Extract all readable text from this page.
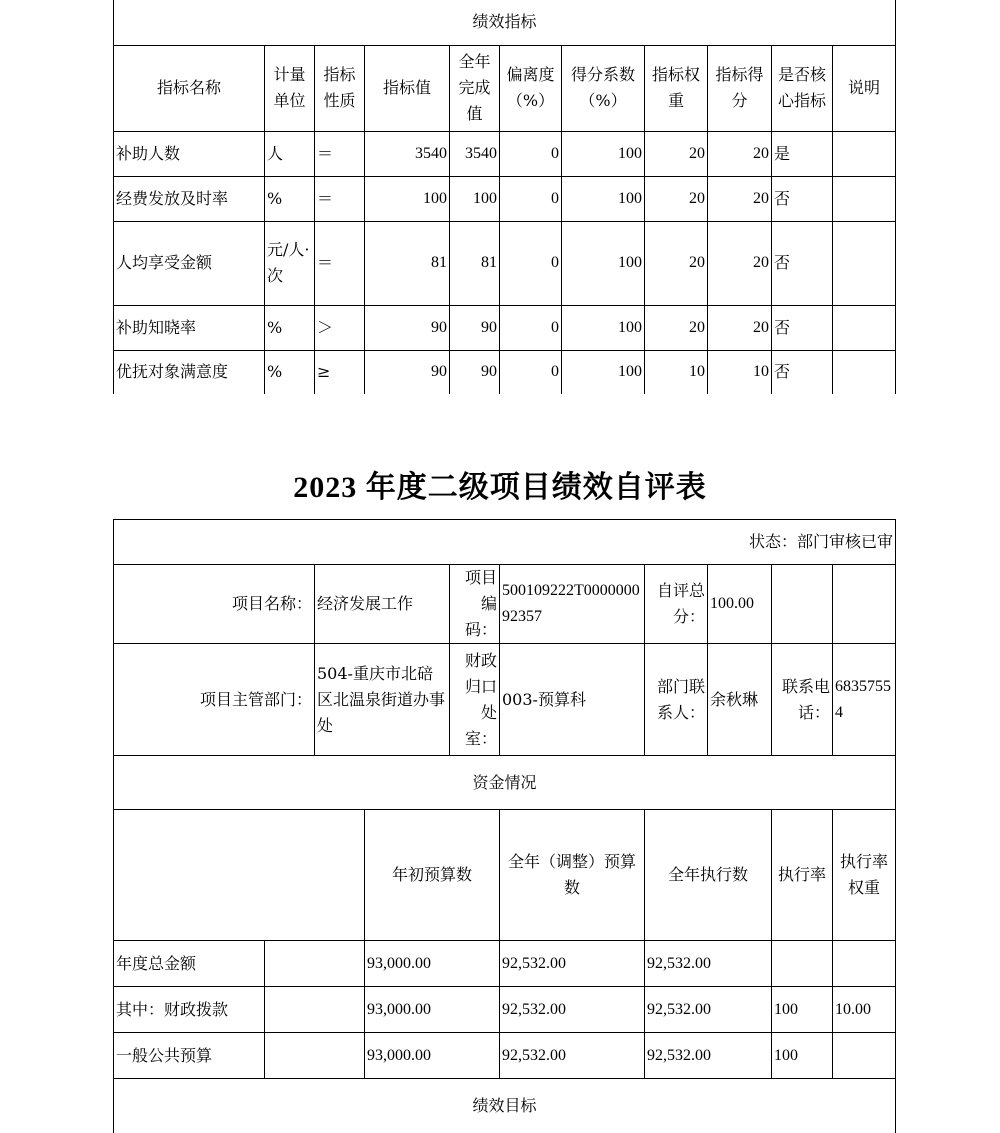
绩效指标										
指标名称	计量单位	指标性质	指标值	全年完成值	偏离度（%）	得分系数（%）	指标权重	指标得分	是否核心指标	说明
补助人数	人	＝	3540	3540	0	100	20	20	是	
经费发放及时率	%	＝	100	100	0	100	20	20	否	
人均享受金额	元/人·次	＝	81	81	0	100	20	20	否	
补助知晓率	%	＞	90	90	0	100	20	20	否	
优抚对象满意度	%	≥	90	90	0	100	10	10	否	
2023 年度二级项目绩效自评表
状态：部门审核已审										
项目名称：		经济发展工作		项目编码：	500109222T000000092357	自评总分：	100.00			
项目主管部门：		504-重庆市北碚区北温泉街道办事处		财政归口处室：	003-预算科	部门联系人：	余秋琳	联系电话：	68357554	
资金情况										
			年初预算数		全年（调整）预算数	全年执行数		执行率	执行率权重	
年度总金额			93,000.00		92,532.00	92,532.00				
其中：财政拨款			93,000.00		92,532.00	92,532.00		100	10.00	
一般公共预算			93,000.00		92,532.00	92,532.00		100		
绩效目标										
